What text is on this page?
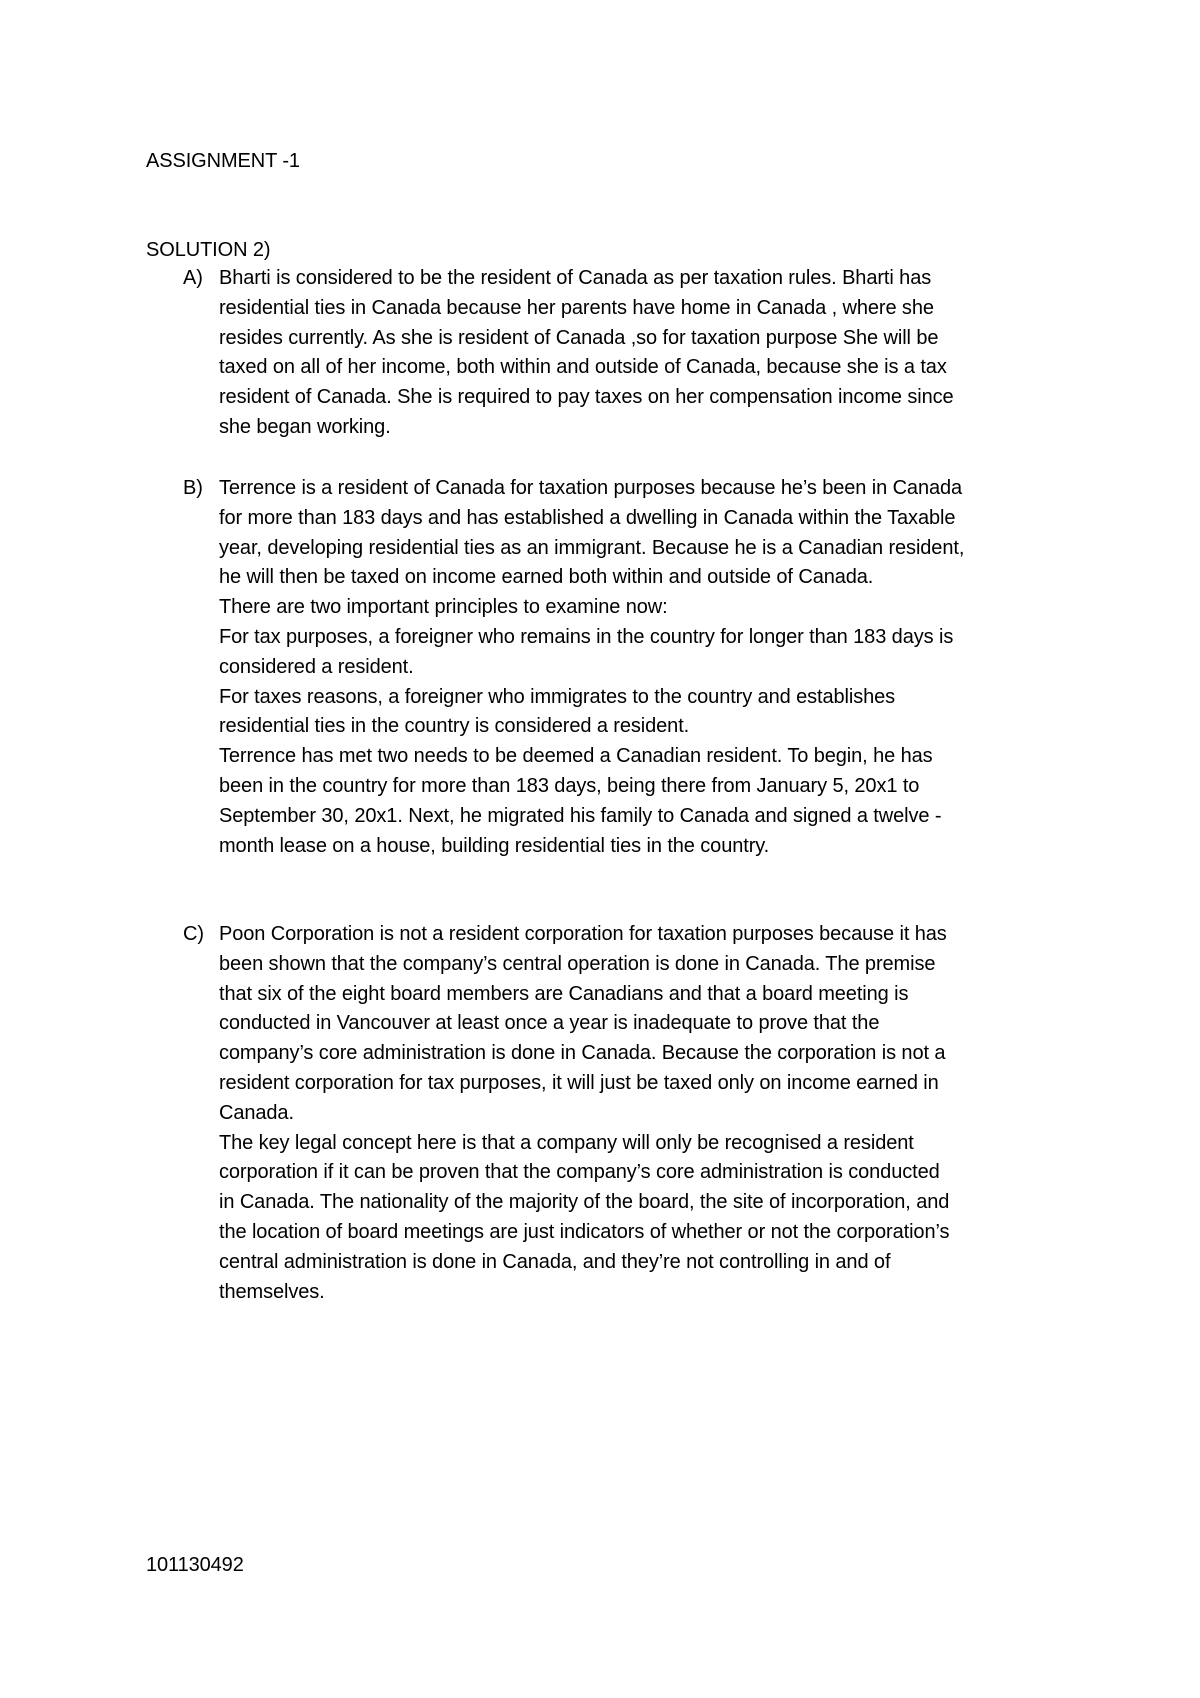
ASSIGNMENT -1
SOLUTION 2)
A) Bharti is considered to be the resident of Canada as per taxation rules. Bharti has
residential ties in Canada because her parents have home in Canada , where she
resides currently. As she is resident of Canada ,so for taxation purpose She will be
taxed on all of her income, both within and outside of Canada, because she is a tax
resident of Canada. She is required to pay taxes on her compensation income since
she began working.
B) Terrence is a resident of Canada for taxation purposes because he’s been in Canada
for more than 183 days and has established a dwelling in Canada within the Taxable
year, developing residential ties as an immigrant. Because he is a Canadian resident,
he will then be taxed on income earned both within and outside of Canada.
There are two important principles to examine now:
For tax purposes, a foreigner who remains in the country for longer than 183 days is
considered a resident.
For taxes reasons, a foreigner who immigrates to the country and establishes
residential ties in the country is considered a resident.
Terrence has met two needs to be deemed a Canadian resident. To begin, he has
been in the country for more than 183 days, being there from January 5, 20x1 to
September 30, 20x1. Next, he migrated his family to Canada and signed a twelve -
month lease on a house, building residential ties in the country.
C) Poon Corporation is not a resident corporation for taxation purposes because it has
been shown that the company’s central operation is done in Canada. The premise
that six of the eight board members are Canadians and that a board meeting is
conducted in Vancouver at least once a year is inadequate to prove that the
company’s core administration is done in Canada. Because the corporation is not a
resident corporation for tax purposes, it will just be taxed only on income earned in
Canada.
The key legal concept here is that a company will only be recognised a resident
corporation if it can be proven that the company’s core administration is conducted
in Canada. The nationality of the majority of the board, the site of incorporation, and
the location of board meetings are just indicators of whether or not the corporation’s
central administration is done in Canada, and they’re not controlling in and of
themselves.
101130492
